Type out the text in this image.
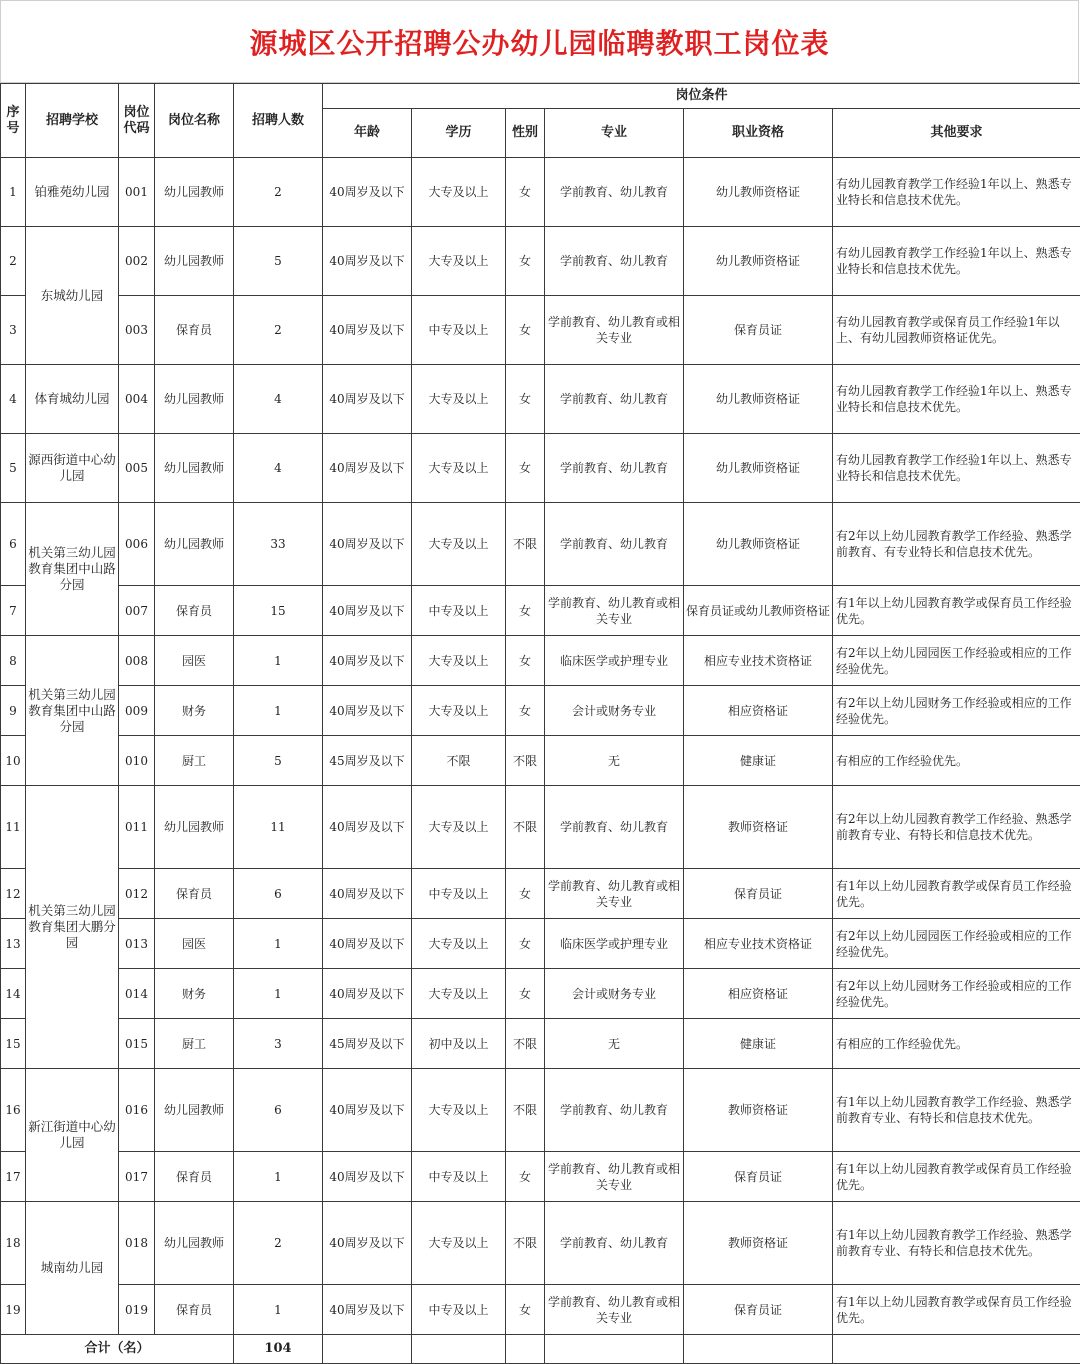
源城区公开招聘公办幼儿园临聘教职工岗位表
序号	招聘学校	岗位代码	岗位名称	招聘人数	岗位条件					
					年龄	学历	性别	专业	职业资格	其他要求
1	铂雅苑幼儿园	001	幼儿园教师	2	40周岁及以下	大专及以上	女	学前教育、幼儿教育	幼儿教师资格证	有幼儿园教育教学工作经验1年以上、熟悉专业特长和信息技术优先。
2	东城幼儿园	002	幼儿园教师	5	40周岁及以下	大专及以上	女	学前教育、幼儿教育	幼儿教师资格证	有幼儿园教育教学工作经验1年以上、熟悉专业特长和信息技术优先。
3		003	保育员	2	40周岁及以下	中专及以上	女	学前教育、幼儿教育或相关专业	保育员证	有幼儿园教育教学或保育员工作经验1年以上、有幼儿园教师资格证优先。
4	体育城幼儿园	004	幼儿园教师	4	40周岁及以下	大专及以上	女	学前教育、幼儿教育	幼儿教师资格证	有幼儿园教育教学工作经验1年以上、熟悉专业特长和信息技术优先。
5	源西街道中心幼儿园	005	幼儿园教师	4	40周岁及以下	大专及以上	女	学前教育、幼儿教育	幼儿教师资格证	有幼儿园教育教学工作经验1年以上、熟悉专业特长和信息技术优先。
6	机关第三幼儿园教育集团中山路分园	006	幼儿园教师	33	40周岁及以下	大专及以上	不限	学前教育、幼儿教育	幼儿教师资格证	有2年以上幼儿园教育教学工作经验、熟悉学前教育、有专业特长和信息技术优先。
7		007	保育员	15	40周岁及以下	中专及以上	女	学前教育、幼儿教育或相关专业	保育员证或幼儿教师资格证	有1年以上幼儿园教育教学或保育员工作经验优先。
8	机关第三幼儿园教育集团中山路分园	008	园医	1	40周岁及以下	大专及以上	女	临床医学或护理专业	相应专业技术资格证	有2年以上幼儿园园医工作经验或相应的工作经验优先。
9		009	财务	1	40周岁及以下	大专及以上	女	会计或财务专业	相应资格证	有2年以上幼儿园财务工作经验或相应的工作经验优先。
10		010	厨工	5	45周岁及以下	不限	不限	无	健康证	有相应的工作经验优先。
11	机关第三幼儿园教育集团大鹏分园	011	幼儿园教师	11	40周岁及以下	大专及以上	不限	学前教育、幼儿教育	教师资格证	有2年以上幼儿园教育教学工作经验、熟悉学前教育专业、有特长和信息技术优先。
12		012	保育员	6	40周岁及以下	中专及以上	女	学前教育、幼儿教育或相关专业	保育员证	有1年以上幼儿园教育教学或保育员工作经验优先。
13		013	园医	1	40周岁及以下	大专及以上	女	临床医学或护理专业	相应专业技术资格证	有2年以上幼儿园园医工作经验或相应的工作经验优先。
14		014	财务	1	40周岁及以下	大专及以上	女	会计或财务专业	相应资格证	有2年以上幼儿园财务工作经验或相应的工作经验优先。
15		015	厨工	3	45周岁及以下	初中及以上	不限	无	健康证	有相应的工作经验优先。
16	新江街道中心幼儿园	016	幼儿园教师	6	40周岁及以下	大专及以上	不限	学前教育、幼儿教育	教师资格证	有1年以上幼儿园教育教学工作经验、熟悉学前教育专业、有特长和信息技术优先。
17		017	保育员	1	40周岁及以下	中专及以上	女	学前教育、幼儿教育或相关专业	保育员证	有1年以上幼儿园教育教学或保育员工作经验优先。
18	城南幼儿园	018	幼儿园教师	2	40周岁及以下	大专及以上	不限	学前教育、幼儿教育	教师资格证	有1年以上幼儿园教育教学工作经验、熟悉学前教育专业、有特长和信息技术优先。
19		019	保育员	1	40周岁及以下	中专及以上	女	学前教育、幼儿教育或相关专业	保育员证	有1年以上幼儿园教育教学或保育员工作经验优先。
合计（名）				104						
